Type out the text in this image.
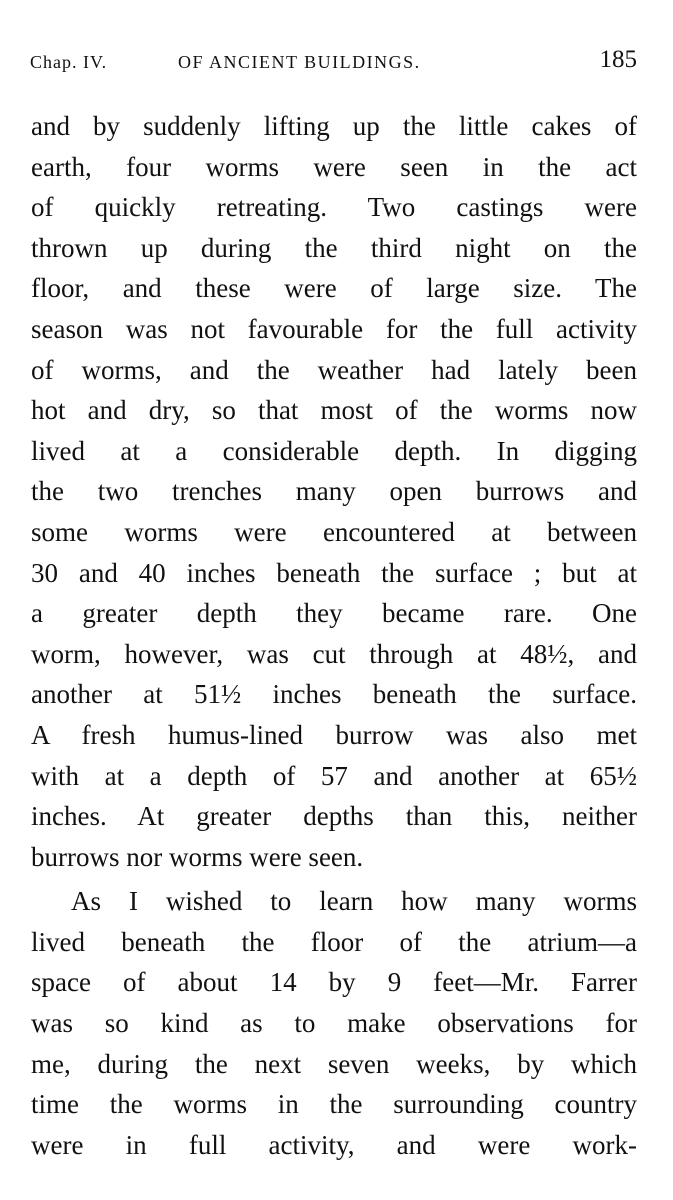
Chap. IV.	OF ANCIENT BUILDINGS.	185
and by suddenly lifting up the little cakes of
earth, four worms were seen in the act
of quickly retreating. Two castings were
thrown up during the third night on the
floor, and these were of large size. The
season was not favourable for the full activity
of worms, and the weather had lately been
hot and dry, so that most of the worms now
lived at a considerable depth. In digging
the two trenches many open burrows and
some worms were encountered at between
30 and 40 inches beneath the surface ; but at
a greater depth they became rare. One
worm, however, was cut through at 48½, and
another at 51½ inches beneath the surface.
A fresh humus-lined burrow was also met
with at a depth of 57 and another at 65½
inches. At greater depths than this, neither
burrows nor worms were seen.
As I wished to learn how many worms
lived beneath the floor of the atrium—a
space of about 14 by 9 feet—Mr. Farrer
was so kind as to make observations for
me, during the next seven weeks, by which
time the worms in the surrounding country
were in full activity, and were work-
